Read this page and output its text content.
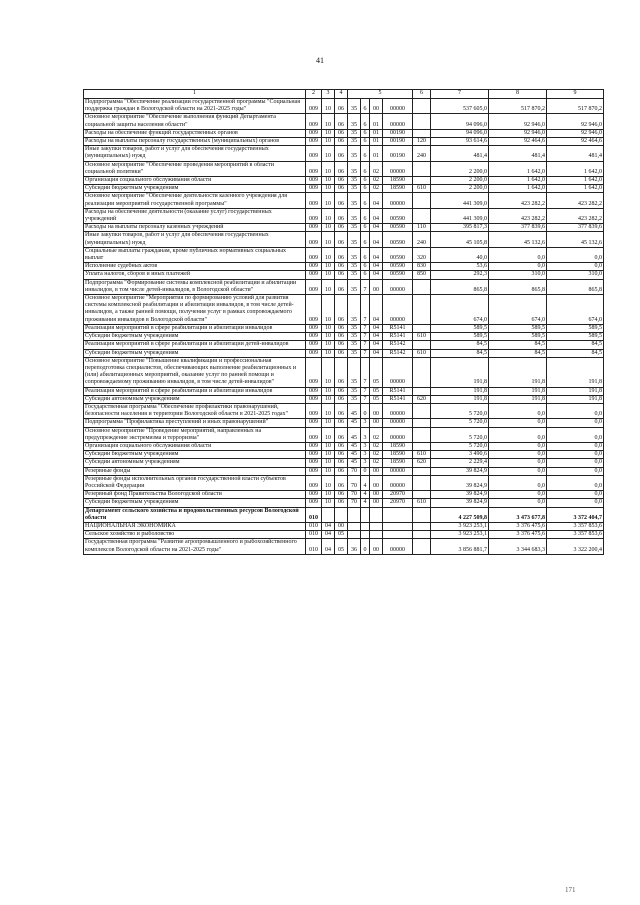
41
1	2	3	4	5				6	7	8	9
Подпрограмма "Обеспечение реализации государственной программы "Социальная поддержка граждан в Вологодской области на 2021-2025 годы"	009	10	06	35	6	00	00000		537 605,0	517 870,2	517 870,2
Основное мероприятие "Обеспечение выполнения функций Департамента социальной защиты населения области"	009	10	06	35	6	01	00000		94 096,0	92 946,0	92 946,0
Расходы на обеспечение функций государственных органов	009	10	06	35	6	01	00190		94 096,0	92 946,0	92 946,0
Расходы на выплаты персоналу государственных (муниципальных) органов	009	10	06	35	6	01	00190	120	93 614,6	92 464,6	92 464,6
Иные закупки товаров, работ и услуг для обеспечения государственных (муниципальных) нужд	009	10	06	35	6	01	00190	240	481,4	481,4	481,4
Основное мероприятие "Обеспечение проведения мероприятий в области социальной политики"	009	10	06	35	6	02	00000		2 200,0	1 642,0	1 642,0
Организация социального обслуживания области	009	10	06	35	6	02	18590		2 200,0	1 642,0	1 642,0
Субсидии бюджетным учреждениям	009	10	06	35	6	02	18590	610	2 200,0	1 642,0	1 642,0
Основное мероприятие "Обеспечение деятельности казенного учреждения для реализации мероприятий государственной программы"	009	10	06	35	6	04	00000		441 309,0	423 282,2	423 282,2
Расходы на обеспечение деятельности (оказание услуг) государственных учреждений	009	10	06	35	6	04	00590		441 309,0	423 282,2	423 282,2
Расходы на выплаты персоналу казенных учреждений	009	10	06	35	6	04	00590	110	395 817,3	377 839,6	377 839,6
Иные закупки товаров, работ и услуг для обеспечения государственных (муниципальных) нужд	009	10	06	35	6	04	00590	240	45 105,8	45 132,6	45 132,6
Социальные выплаты гражданам, кроме публичных нормативных социальных выплат	009	10	06	35	6	04	00590	320	40,0	0,0	0,0
Исполнение судебных актов	009	10	06	35	6	04	00590	830	53,6	0,0	0,0
Уплата налогов, сборов и иных платежей	009	10	06	35	6	04	00590	850	292,3	310,0	310,0
Подпрограмма "Формирование системы комплексной реабилитации и абилитации инвалидов, в том числе детей-инвалидов, в Вологодской области"	009	10	06	35	7	00	00000		865,8	865,8	865,8
Основное мероприятие "Мероприятия по формированию условий для развития системы комплексной реабилитации и абилитации инвалидов, в том числе детей-инвалидов, а также ранней помощи, получения услуг в рамках сопровождаемого проживания инвалидов в Вологодской области"	009	10	06	35	7	04	00000		674,0	674,0	674,0
Реализация мероприятий в сфере реабилитации и абилитации инвалидов	009	10	06	35	7	04	R5141		589,5	589,5	589,5
Субсидии бюджетным учреждениям	009	10	06	35	7	04	R5141	610	589,5	589,5	589,5
Реализация мероприятий в сфере реабилитации и абилитации детей-инвалидов	009	10	06	35	7	04	R5142		84,5	84,5	84,5
Субсидии бюджетным учреждениям	009	10	06	35	7	04	R5142	610	84,5	84,5	84,5
Основное мероприятие "Повышение квалификации и профессиональная переподготовка специалистов, обеспечивающих выполнение реабилитационных и (или) абилитационных мероприятий, оказание услуг по ранней помощи и сопровождаемому проживанию инвалидов, в том числе детей-инвалидов"	009	10	06	35	7	05	00000		191,8	191,8	191,8
Реализация мероприятий в сфере реабилитации и абилитации инвалидов	009	10	06	35	7	05	R5141		191,8	191,8	191,8
Субсидии автономным учреждениям	009	10	06	35	7	05	R5141	620	191,8	191,8	191,8
Государственная программа "Обеспечение профилактики правонарушений, безопасности населения и территории Вологодской области в 2021-2025 годах"	009	10	06	45	0	00	00000		5 720,0	0,0	0,0
Подпрограмма "Профилактика преступлений и иных правонарушений"	009	10	06	45	3	00	00000		5 720,0	0,0	0,0
Основное мероприятие "Проведение мероприятий, направленных на предупреждение экстремизма и терроризма"	009	10	06	45	3	02	00000		5 720,0	0,0	0,0
Организация социального обслуживания области	009	10	06	45	3	02	18590		5 720,0	0,0	0,0
Субсидии бюджетным учреждениям	009	10	06	45	3	02	18590	610	3 490,6	0,0	0,0
Субсидии автономным учреждениям	009	10	06	45	3	02	18590	620	2 229,4	0,0	0,0
Резервные фонды	009	10	06	70	0	00	00000		39 824,9	0,0	0,0
Резервные фонды исполнительных органов государственной власти субъектов Российской Федерации	009	10	06	70	4	00	00000		39 824,9	0,0	0,0
Резервный фонд Правительства Вологодской области	009	10	06	70	4	00	20970		39 824,9	0,0	0,0
Субсидии бюджетным учреждениям	009	10	06	70	4	00	20970	610	39 824,9	0,0	0,0
Департамент сельского хозяйства и продовольственных ресурсов Вологодской области	010								4 227 509,8	3 473 677,8	3 372 404,7
НАЦИОНАЛЬНАЯ ЭКОНОМИКА	010	04	00						3 923 253,1	3 376 475,6	3 357 853,6
Сельское хозяйство и рыболовство	010	04	05						3 923 253,1	3 376 475,6	3 357 853,6
Государственная программа "Развитие агропромышленного и рыбохозяйственного комплексов Вологодской области на 2021-2025 годы"	010	04	05	36	0	00	00000		3 856 881,7	3 344 683,3	3 322 200,4
171
